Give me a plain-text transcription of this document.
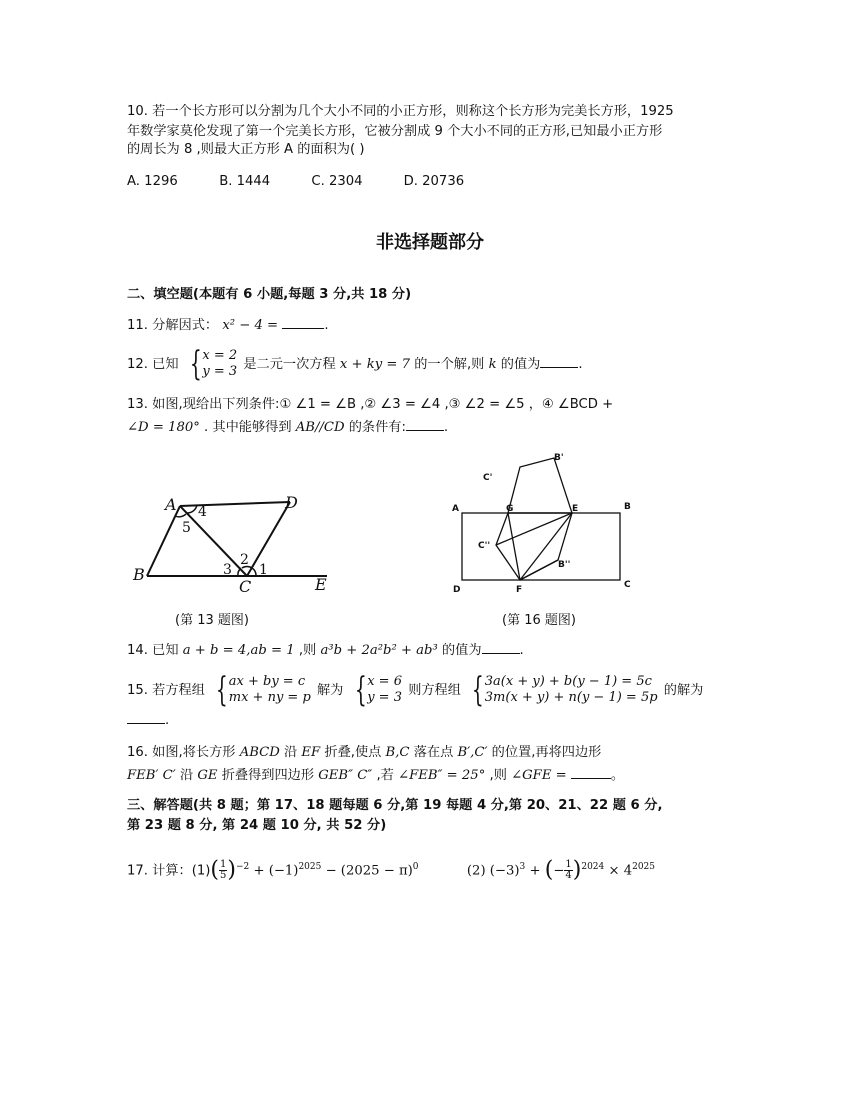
10. 若一个长方形可以分割为几个大小不同的小正方形，则称这个长方形为完美长方形，1925
年数学家莫伦发现了第一个完美长方形，它被分割成 9 个大小不同的正方形,已知最小正方形
的周长为 8 ,则最大正方形 A 的面积为( )
A. 1296	B. 1444	C. 2304	D. 20736
非选择题部分
二、填空题(本题有 6 小题,每题 3 分,共 18 分)
11. 分解因式： x² − 4 =	.
12. 已知 { x = 2
y = 3 是二元一次方程 x + ky = 7 的一个解,则 k 的值为	.
13. 如图,现给出下列条件:① ∠1 = ∠B ,② ∠3 = ∠4 ,③ ∠2 = ∠5 ，④ ∠BCD +
∠D = 180° . 其中能够得到 AB//CD 的条件有:	.
A	D
B
C	E
4
5
3
2
1
(第 13 题图)
A	B
C
D
E
F
G
B'
C'
B''
C''
(第 16 题图)
14. 已知 a + b = 4,ab = 1 ,则 a³b + 2a²b² + ab³ 的值为	.
15. 若方程组 { ax + by = c
mx + ny = p 解为 { x = 6
y = 3 则方程组 { 3a(x + y) + b(y − 1) = 5c
3m(x + y) + n(y − 1) = 5p 的解为
.
16. 如图,将长方形 ABCD 沿 EF 折叠,使点 B,C 落在点 B′,C′ 的位置,再将四边形
FEB′ C′ 沿 GE 折叠得到四边形 GEB″ C″ ,若 ∠FEB″ = 25° ,则 ∠GFE =	。
三、解答题(共 8 题；第 17、18 题每题 6 分,第 19 每题 4 分,第 20、21、22 题 6 分,
第 23 题 8 分, 第 24 题 10 分, 共 52 分)
17. 计算：$(1)( \frac{1}{5} )^{-2} + (-1)^{2025} - (2025 - \pi)^0$	(2) $(-3)^3$ + (− $\frac{1}{4} )^{2024} \times 4^{2025}$
